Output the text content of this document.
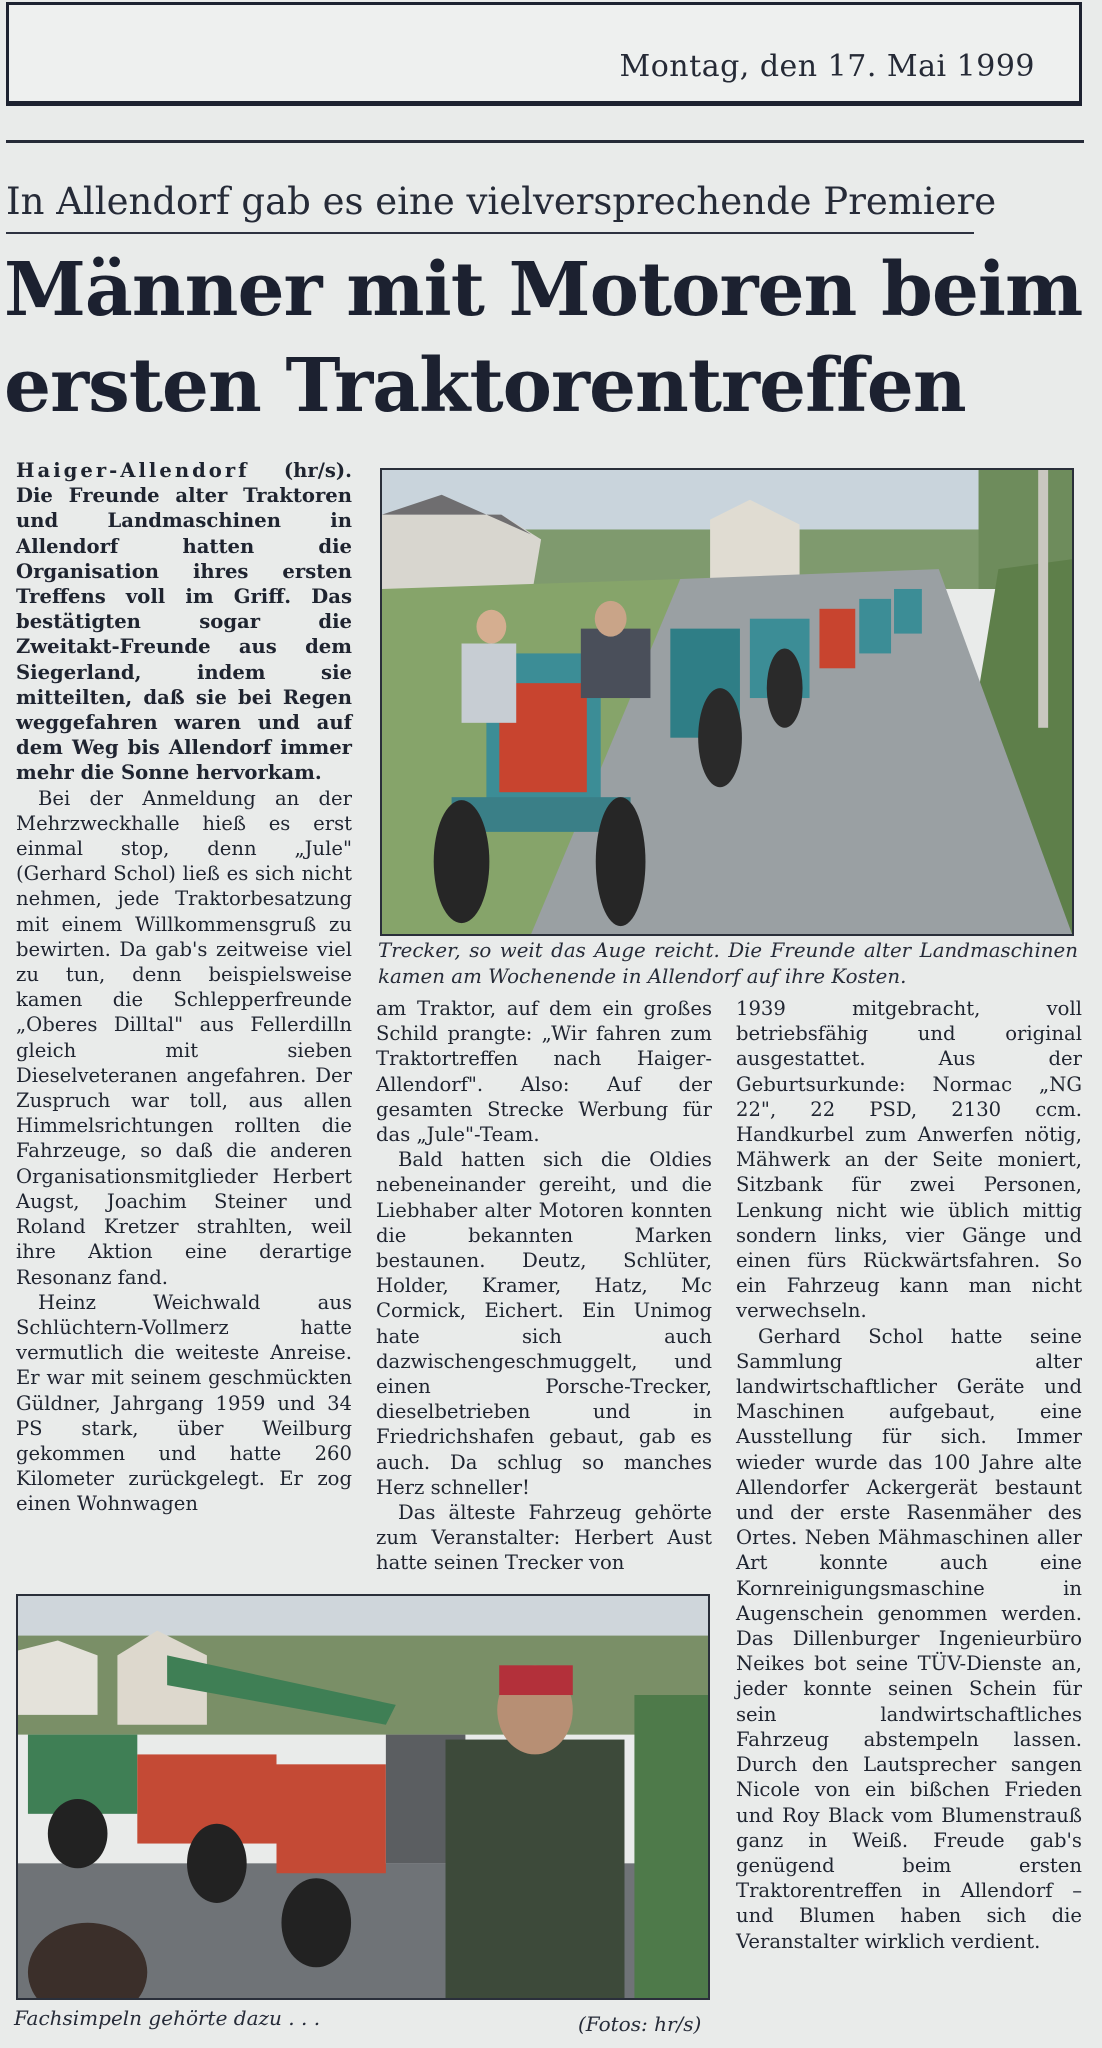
Montag, den 17. Mai 1999
In Allendorf gab es eine vielversprechende Premiere
Männer mit Motoren beim
ersten Traktorentreffen

Haiger-Allendorf (hr/s). Die Freunde alter Traktoren und Landmaschinen in Allendorf hatten die Organisation ihres ersten Treffens voll im Griff. Das bestätigten sogar die Zweitakt-Freunde aus dem Siegerland, indem sie mitteilten, daß sie bei Regen weggefahren waren und auf dem Weg bis Allendorf immer mehr die Sonne hervorkam.

Bei der Anmeldung an der Mehrzweckhalle hieß es erst einmal stop, denn „Jule" (Gerhard Schol) ließ es sich nicht nehmen, jede Traktorbesatzung mit einem Willkommensgruß zu bewirten. Da gab's zeitweise viel zu tun, denn beispielsweise kamen die Schlepperfreunde „Oberes Dilltal" aus Fellerdilln gleich mit sieben Dieselveteranen angefahren. Der Zuspruch war toll, aus allen Himmelsrichtungen rollten die Fahrzeuge, so daß die anderen Organisationsmitglieder Herbert Augst, Joachim Steiner und Roland Kretzer strahlten, weil ihre Aktion eine derartige Resonanz fand.

Heinz Weichwald aus Schlüchtern-Vollmerz hatte vermutlich die weiteste Anreise. Er war mit seinem geschmückten Güldner, Jahrgang 1959 und 34 PS stark, über Weilburg gekommen und hatte 260 Kilometer zurückgelegt. Er zog einen Wohnwagen

Trecker, so weit das Auge reicht. Die Freunde alter Landmaschinen kamen am Wochenende in Allendorf auf ihre Kosten.

am Traktor, auf dem ein großes Schild prangte: „Wir fahren zum Traktortreffen nach Haiger-Allendorf". Also: Auf der gesamten Strecke Werbung für das „Jule"-Team.

Bald hatten sich die Oldies nebeneinander gereiht, und die Liebhaber alter Motoren konnten die bekannten Marken bestaunen. Deutz, Schlüter, Holder, Kramer, Hatz, Mc Cormick, Eichert. Ein Unimog hate sich auch dazwischengeschmuggelt, und einen Porsche-Trecker, dieselbetrieben und in Friedrichshafen gebaut, gab es auch. Da schlug so manches Herz schneller!

Das älteste Fahrzeug gehörte zum Veranstalter: Herbert Aust hatte seinen Trecker von

1939 mitgebracht, voll betriebsfähig und original ausgestattet. Aus der Geburtsurkunde: Normac „NG 22", 22 PSD, 2130 ccm. Handkurbel zum Anwerfen nötig, Mähwerk an der Seite moniert, Sitzbank für zwei Personen, Lenkung nicht wie üblich mittig sondern links, vier Gänge und einen fürs Rückwärtsfahren. So ein Fahrzeug kann man nicht verwechseln.

Gerhard Schol hatte seine Sammlung alter landwirtschaftlicher Geräte und Maschinen aufgebaut, eine Ausstellung für sich. Immer wieder wurde das 100 Jahre alte Allendorfer Ackergerät bestaunt und der erste Rasenmäher des Ortes. Neben Mähmaschinen aller Art konnte auch eine Kornreinigungsmaschine in Augenschein genommen werden. Das Dillenburger Ingenieurbüro Neikes bot seine TÜV-Dienste an, jeder konnte seinen Schein für sein landwirtschaftliches Fahrzeug abstempeln lassen. Durch den Lautsprecher sangen Nicole von ein bißchen Frieden und Roy Black vom Blumenstrauß ganz in Weiß. Freude gab's genügend beim ersten Traktorentreffen in Allendorf – und Blumen haben sich die Veranstalter wirklich verdient.

Fachsimpeln gehörte dazu . . .	(Fotos: hr/s)
